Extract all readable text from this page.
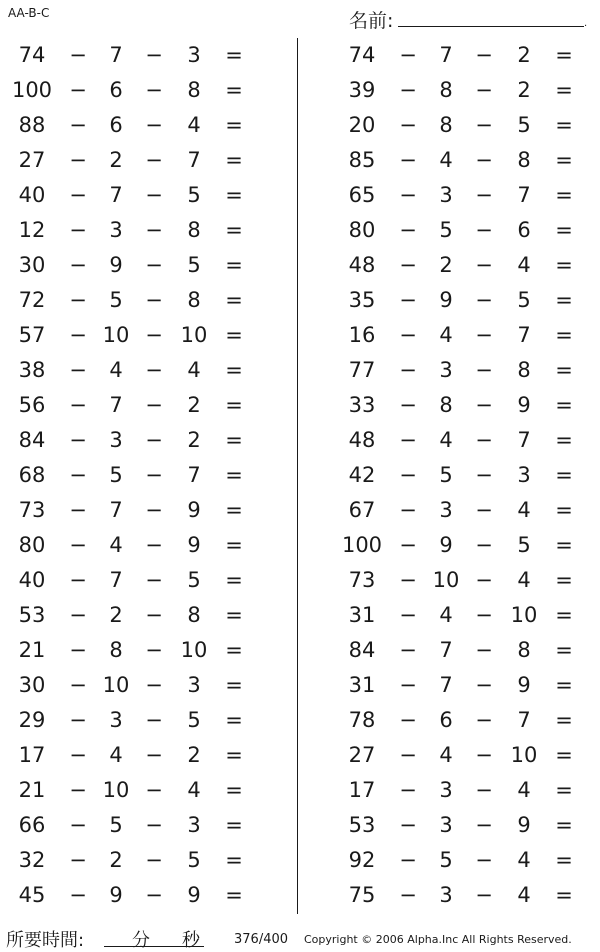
AA-B-C	名前:	.
74	−	7	−	3	=
100 −	6	−	8	=
88	−	6	−	4	=
27	−	2	−	7	=
40	−	7	−	5	=
12	−	3	−	8	=
30	−	9	−	5	=
72	−	5	−	8	=
57	− 10 − 10 =
38	−	4	−	4	=
56	−	7	−	2	=
84	−	3	−	2	=
68	−	5	−	7	=
73	−	7	−	9	=
80	−	4	−	9	=
40	−	7	−	5	=
53	−	2	−	8	=
21	−	8	− 10 =
30	− 10 −	3	=
29	−	3	−	5	=
17	−	4	−	2	=
21	− 10 −	4	=
66	−	5	−	3	=
32	−	2	−	5	=
45	−	9	−	9	=
74	−	7	−	2	=
39	−	8	−	2	=
20	−	8	−	5	=
85	−	4	−	8	=
65	−	3	−	7	=
80	−	5	−	6	=
48	−	2	−	4	=
35	−	9	−	5	=
16	−	4	−	7	=
77	−	3	−	8	=
33	−	8	−	9	=
48	−	4	−	7	=
42	−	5	−	3	=
67	−	3	−	4	=
100 −	9	−	5	=
73	− 10 −	4	=
31	−	4	− 10 =
84	−	7	−	8	=
31	−	7	−	9	=
78	−	6	−	7	=
27	−	4	− 10 =
17	−	3	−	4	=
53	−	3	−	9	=
92	−	5	−	4	=
75	−	3	−	4	=
所要時間:	分 秒	376/400 Copyright © 2006 Alpha.Inc All Rights Reserved.
